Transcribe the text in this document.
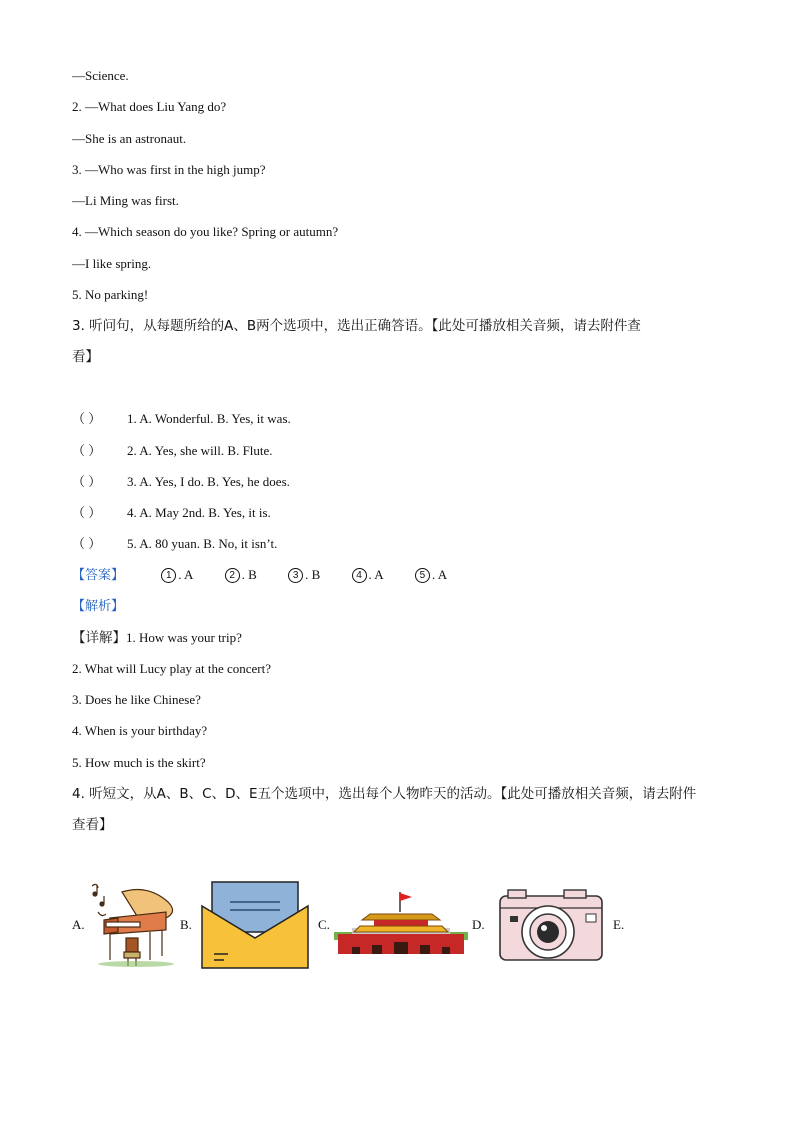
—Science.
2. —What does Liu Yang do?
—She is an astronaut.
3. —Who was first in the high jump?
—Li Ming was first.
4. —Which season do you like? Spring or autumn?
—I like spring.
5. No parking!
3. 听问句，从每题所给的A、B两个选项中，选出正确答语。【此处可播放相关音频，请去附件查
看】
（ ） 1. A. Wonderful. B. Yes, it was.
（ ） 2. A. Yes, she will. B. Flute.
（ ） 3. A. Yes, I do. B. Yes, he does.
（ ） 4. A. May 2nd. B. Yes, it is.
（ ） 5. A. 80 yuan. B. No, it isn’t.
【答案】	1 . A	2 . B	3 . B	4 . A	5 . A
【解析】
【详解】1. How was your trip?
2. What will Lucy play at the concert?
3. Does he like Chinese?
4. When is your birthday?
5. How much is the skirt?
4. 听短文，从A、B、C、D、E五个选项中，选出每个人物昨天的活动。【此处可播放相关音频，请去附件
查看】
A.	B.	C.	D.	E.
